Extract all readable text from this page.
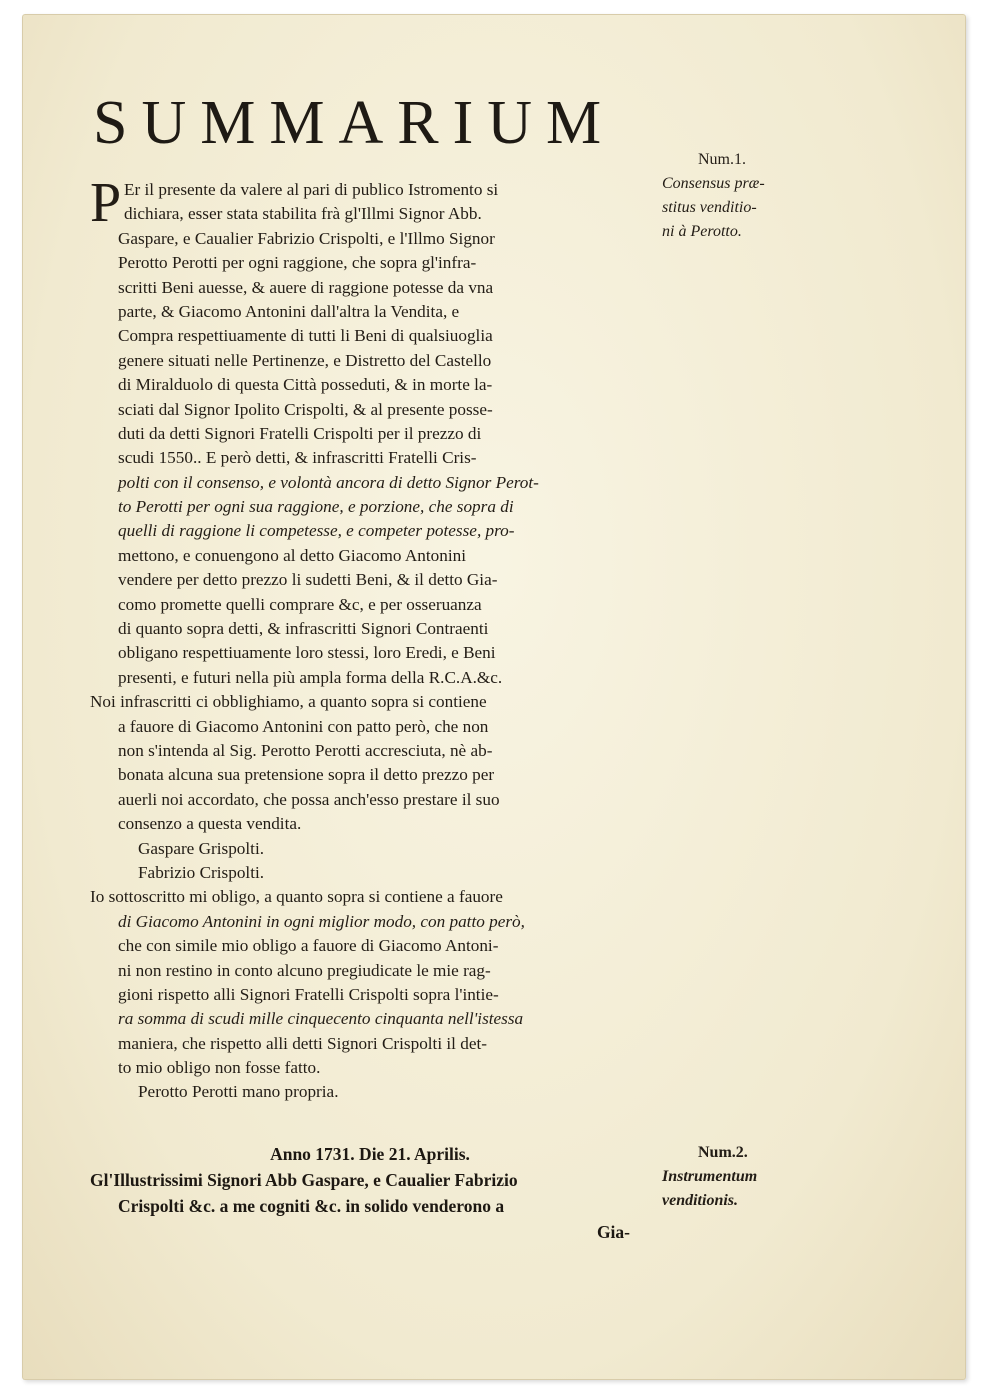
SUMMARIUM
P Er il presente da valere al pari di publico Istromento si
dichiara, esser stata stabilita frà gl'Illmi Signor Abb.
Gaspare, e Caualier Fabrizio Crispolti, e l'Illmo Signor
Perotto Perotti per ogni raggione, che sopra gl'infra-
scritti Beni auesse, & auere di raggione potesse da vna
parte, & Giacomo Antonini dall'altra la Vendita, e
Compra respettiuamente di tutti li Beni di qualsiuoglia
genere situati nelle Pertinenze, e Distretto del Castello
di Miralduolo di questa Città posseduti, & in morte la-
sciati dal Signor Ipolito Crispolti, & al presente posse-
duti da detti Signori Fratelli Crispolti per il prezzo di
scudi 1550.. E però detti, & infrascritti Fratelli Cris-
polti con il consenso, e volontà ancora di detto Signor Perot-
to Perotti per ogni sua raggione, e porzione, che sopra di
quelli di raggione li competesse, e competer potesse, pro-
mettono, e conuengono al detto Giacomo Antonini
vendere per detto prezzo li sudetti Beni, & il detto Gia-
como promette quelli comprare &c, e per osseruanza
di quanto sopra detti, & infrascritti Signori Contraenti
obligano respettiuamente loro stessi, loro Eredi, e Beni
presenti, e futuri nella più ampla forma della R.C.A.&c.
Noi infrascritti ci obblighiamo, a quanto sopra si contiene
a fauore di Giacomo Antonini con patto però, che non
non s'intenda al Sig. Perotto Perotti accresciuta, nè ab-
bonata alcuna sua pretensione sopra il detto prezzo per
auerli noi accordato, che possa anch'esso prestare il suo
consenzo a questa vendita.
Gaspare Grispolti.
Fabrizio Crispolti.
Io sottoscritto mi obligo, a quanto sopra si contiene a fauore
di Giacomo Antonini in ogni miglior modo, con patto però,
che con simile mio obligo a fauore di Giacomo Antoni-
ni non restino in conto alcuno pregiudicate le mie rag-
gioni rispetto alli Signori Fratelli Crispolti sopra l'intie-
ra somma di scudi mille cinquecento cinquanta nell'istessa
maniera, che rispetto alli detti Signori Crispolti il det-
to mio obligo non fosse fatto.
Perotto Perotti mano propria.
Num.1.
Consensus præ-
stitus venditio-
ni à Perotto.
Anno 1731. Die 21. Aprilis.
Gl'Illustrissimi Signori Abb Gaspare, e Caualier Fabrizio
Crispolti &c. a me cogniti &c. in solido venderono a
Gia-
Num.2.
Instrumentum
venditionis.
